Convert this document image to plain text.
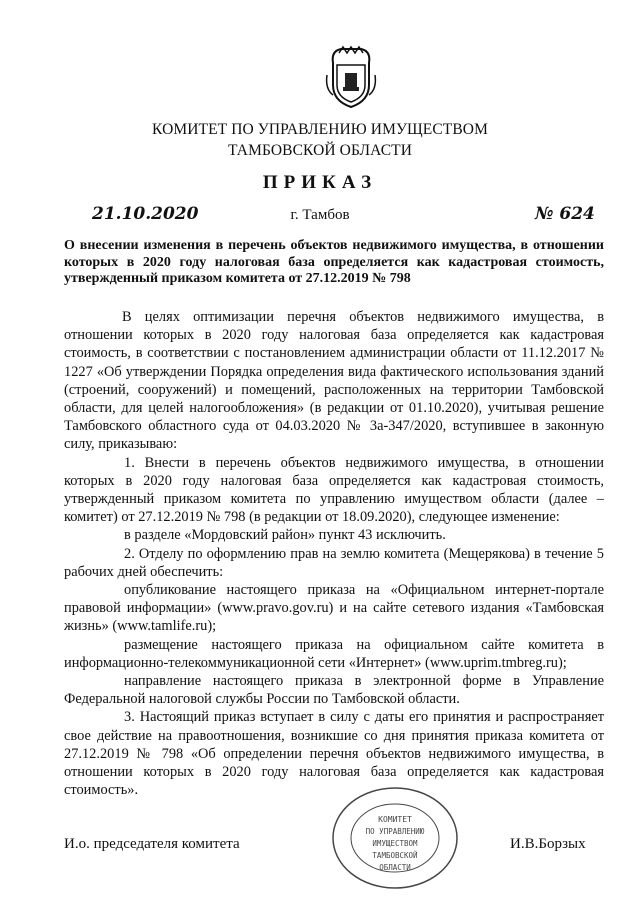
КОМИТЕТ ПО УПРАВЛЕНИЮ ИМУЩЕСТВОМ
ТАМБОВСКОЙ ОБЛАСТИ
ПРИКАЗ
21.10.2020	г. Тамбов	№ 624
О внесении изменения в перечень объектов недвижимого имущества, в отношении которых в 2020 году налоговая база определяется как кадастровая стоимость, утвержденный приказом комитета от 27.12.2019 № 798

В целях оптимизации перечня объектов недвижимого имущества, в отношении которых в 2020 году налоговая база определяется как кадастровая стоимость, в соответствии с постановлением администрации области от 11.12.2017 № 1227 «Об утверждении Порядка определения вида фактического использования зданий (строений, сооружений) и помещений, расположенных на территории Тамбовской области, для целей налогообложения» (в редакции от 01.10.2020), учитывая решение Тамбовского областного суда от 04.03.2020 № 3а-347/2020, вступившее в законную силу, приказываю:

1. Внести в перечень объектов недвижимого имущества, в отношении которых в 2020 году налоговая база определяется как кадастровая стоимость, утвержденный приказом комитета по управлению имуществом области (далее – комитет) от 27.12.2019 № 798 (в редакции от 18.09.2020), следующее изменение:

в разделе «Мордовский район» пункт 43 исключить.

2. Отделу по оформлению прав на землю комитета (Мещерякова) в течение 5 рабочих дней обеспечить:

опубликование настоящего приказа на «Официальном интернет-портале правовой информации» (www.pravo.gov.ru) и на сайте сетевого издания «Тамбовская жизнь» (www.tamlife.ru);

размещение настоящего приказа на официальном сайте комитета в информационно-телекоммуникационной сети «Интернет» (www.uprim.tmbreg.ru);

направление настоящего приказа в электронной форме в Управление Федеральной налоговой службы России по Тамбовской области.

3. Настоящий приказ вступает в силу с даты его принятия и распространяет свое действие на правоотношения, возникшие со дня принятия приказа комитета от 27.12.2019 № 798 «Об определении перечня объектов недвижимого имущества, в отношении которых в 2020 году налоговая база определяется как кадастровая стоимость».

КОМИТЕТ
ПО УПРАВЛЕНИЮ
ИМУЩЕСТВОМ
ТАМБОВСКОЙ
ОБЛАСТИ
И.о. председателя комитета	И.В.Борзых
